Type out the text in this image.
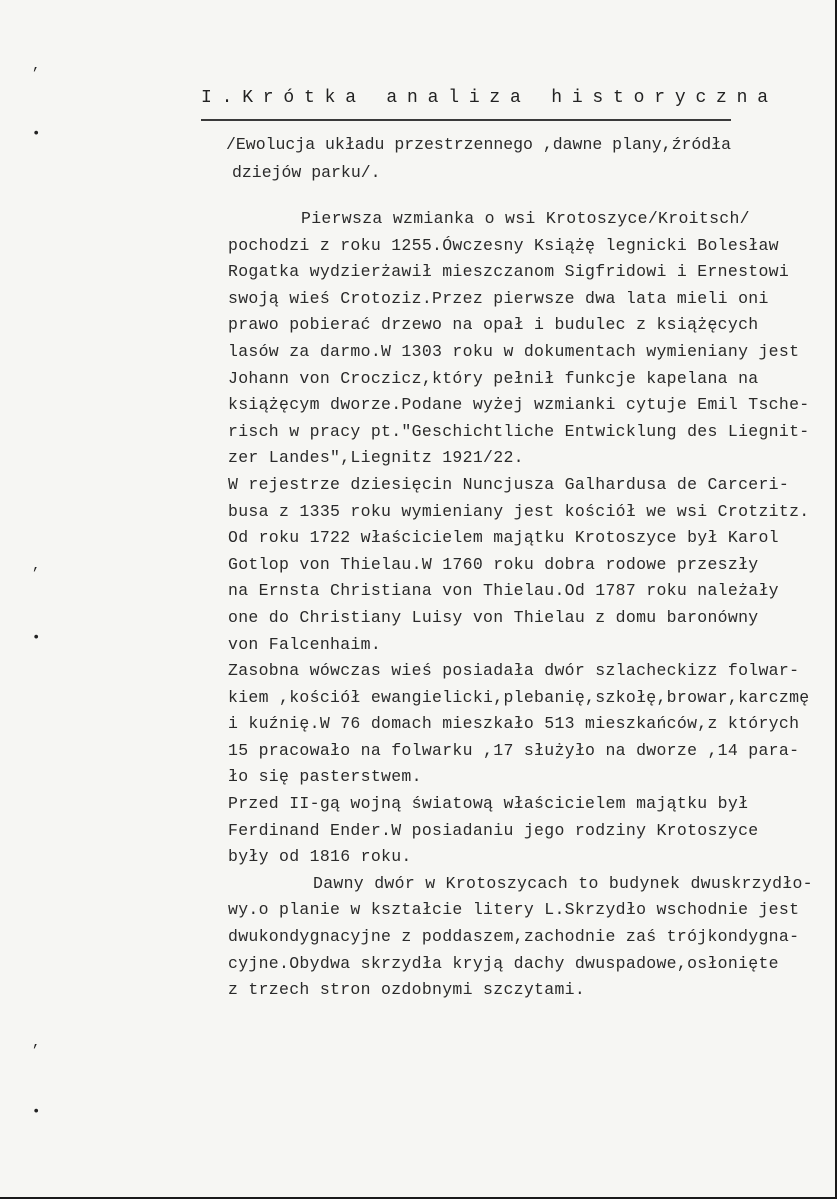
,
•
,
•
,
•
I.Krótka analiza historyczna
/Ewolucja układu przestrzennego ,dawne plany,źródła
dziejów parku/.
Pierwsza wzmianka o wsi Krotoszyce/Kroitsch/
pochodzi z roku 1255.Ówczesny Książę legnicki Bolesław
Rogatka wydzierżawił mieszczanom Sigfridowi i Ernestowi
swoją wieś Crotoziz.Przez pierwsze dwa lata mieli oni
prawo pobierać drzewo na opał i budulec z książęcych
lasów za darmo.W 1303 roku w dokumentach wymieniany jest
Johann von Croczicz,który pełnił funkcje kapelana na
książęcym dworze.Podane wyżej wzmianki cytuje Emil Tsche-
risch w pracy pt."Geschichtliche Entwicklung des Liegnit-
zer Landes",Liegnitz 1921/22.
W rejestrze dziesięcin Nuncjusza Galhardusa de Carceri-
busa z 1335 roku wymieniany jest kościół we wsi Crotzitz.
Od roku 1722 właścicielem majątku Krotoszyce był Karol
Gotlop von Thielau.W 1760 roku dobra rodowe przeszły
na Ernsta Christiana von Thielau.Od 1787 roku należały
one do Christiany Luisy von Thielau z domu baronówny
von Falcenhaim.
Zasobna wówczas wieś posiadała dwór szlacheckizz folwar-
kiem ,kościół ewangielicki,plebanię,szkołę,browar,karczmę
i kuźnię.W 76 domach mieszkało 513 mieszkańców,z których
15 pracowało na folwarku ,17 służyło na dworze ,14 para-
ło się pasterstwem.
Przed II-gą wojną światową właścicielem majątku był
Ferdinand Ender.W posiadaniu jego rodziny Krotoszyce
były od 1816 roku.
Dawny dwór w Krotoszycach to budynek dwuskrzydło-
wy.o planie w kształcie litery L.Skrzydło wschodnie jest
dwukondygnacyjne z poddaszem,zachodnie zaś trójkondygna-
cyjne.Obydwa skrzydła kryją dachy dwuspadowe,osłonięte
z trzech stron ozdobnymi szczytami.
